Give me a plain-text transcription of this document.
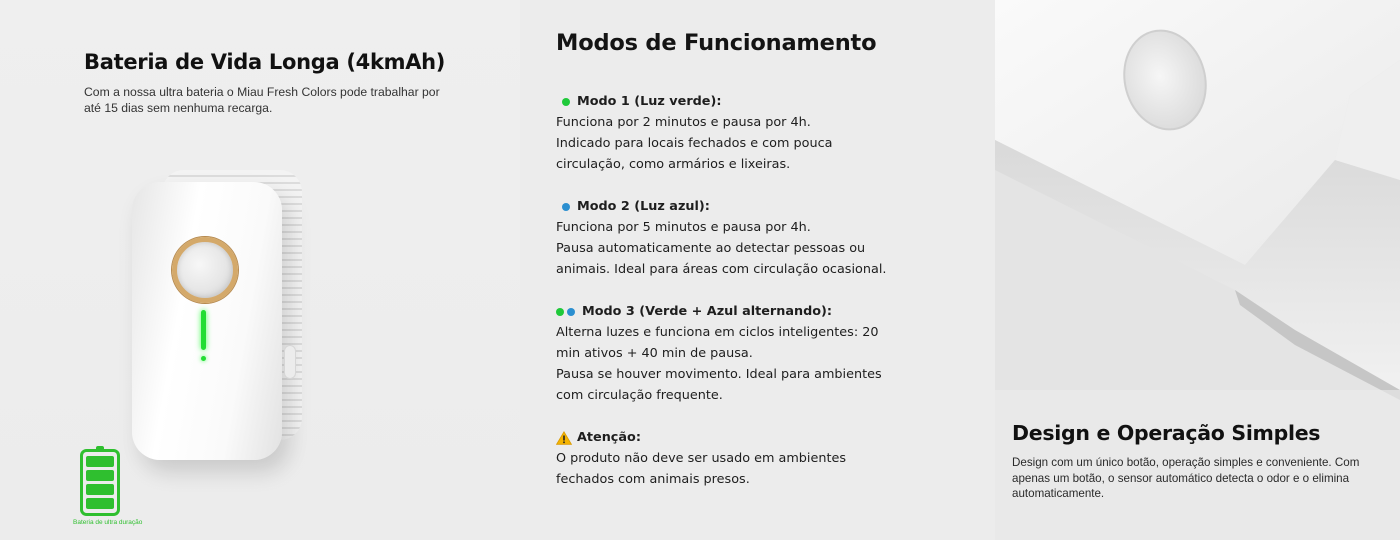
Bateria de Vida Longa (4kmAh)

Com a nossa ultra bateria o Miau Fresh Colors pode trabalhar por até 15 dias sem nenhuma recarga.

Bateria de ultra duração
Modos de Funcionamento
Modo 1 (Luz verde):
Funciona por 2 minutos e pausa por 4h.
Indicado para locais fechados e com pouca
circulação, como armários e lixeiras.
Modo 2 (Luz azul):
Funciona por 5 minutos e pausa por 4h.
Pausa automaticamente ao detectar pessoas ou
animais. Ideal para áreas com circulação ocasional.
Modo 3 (Verde + Azul alternando):
Alterna luzes e funciona em ciclos inteligentes: 20
min ativos + 40 min de pausa.
Pausa se houver movimento. Ideal para ambientes
com circulação frequente.
Atenção:
O produto não deve ser usado em ambientes
fechados com animais presos.
Design e Operação Simples

Design com um único botão, operação simples e conveniente. Com apenas um botão, o sensor automático detecta o odor e o elimina automaticamente.
